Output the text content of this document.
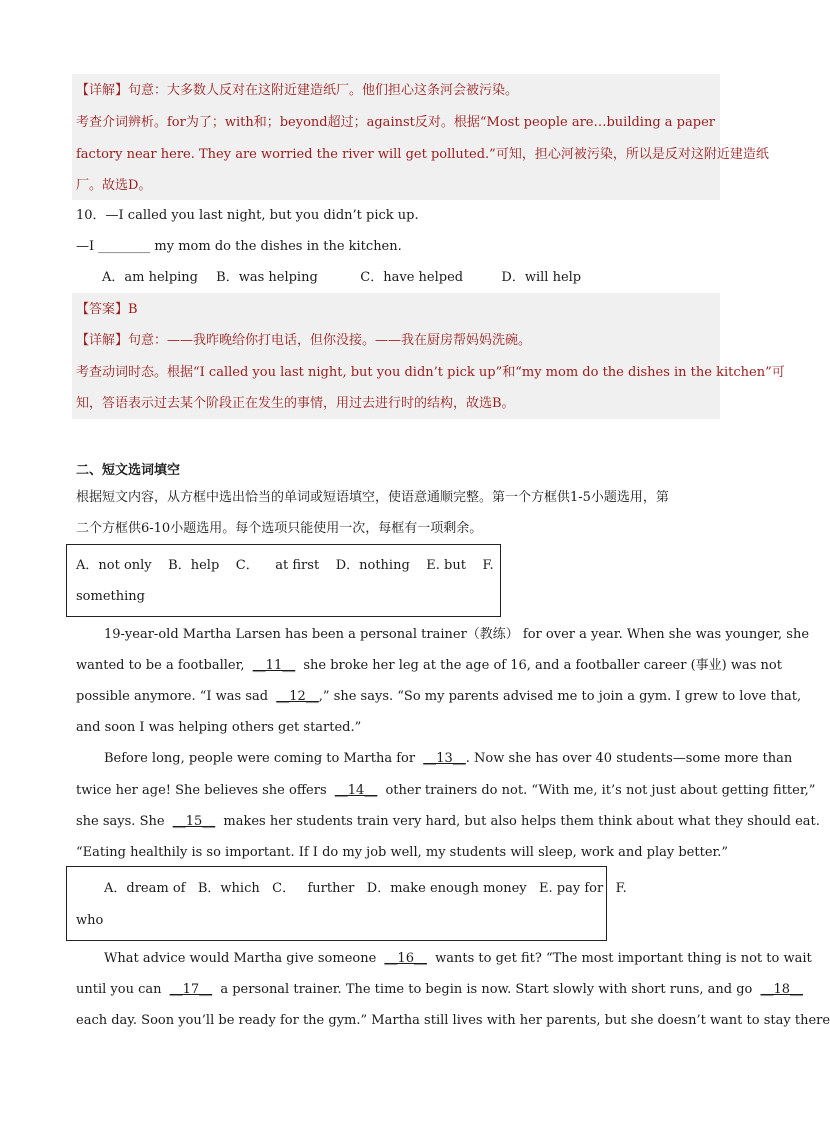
【详解】句意：大多数人反对在这附近建造纸厂。他们担心这条河会被污染。
考查介词辨析。for为了；with和；beyond超过；against反对。根据“Most people are…building a paper
factory near here. They are worried the river will get polluted.”可知，担心河被污染，所以是反对这附近建造纸
厂。故选D。
10．—I called you last night, but you didn’t pick up.
—I ________ my mom do the dishes in the kitchen.
A．am helping B．was helping	C．have helped	D．will help
【答案】B
【详解】句意：——我昨晚给你打电话，但你没接。——我在厨房帮妈妈洗碗。
考查动词时态。根据“I called you last night, but you didn’t pick up”和“my mom do the dishes in the kitchen”可
知，答语表示过去某个阶段正在发生的事情，用过去进行时的结构，故选B。
二、短文选词填空
根据短文内容，从方框中选出恰当的单词或短语填空，使语意通顺完整。第一个方框供1-5小题选用，第
二个方框供6-10小题选用。每个选项只能使用一次，每框有一项剩余。
A．not only    B．help    C．    at first    D．nothing    E. but    F.
something
19-year-old Martha Larsen has been a personal trainer（教练） for over a year. When she was younger, she
wanted to be a footballer, __11__ she broke her leg at the age of 16, and a footballer career (事业) was not
possible anymore. “I was sad __12__,” she says. “So my parents advised me to join a gym. I grew to love that,
and soon I was helping others get started.”
Before long, people were coming to Martha for __13__. Now she has over 40 students—some more than
twice her age! She believes she offers __14__ other trainers do not. “With me, it’s not just about getting fitter,”
she says. She __15__ makes her students train very hard, but also helps them think about what they should eat.
“Eating healthily is so important. If I do my job well, my students will sleep, work and play better.”
A．dream of   B．which   C．   further   D．make enough money   E. pay for   F.
who
What advice would Martha give someone __16__ wants to get fit? “The most important thing is not to wait
until you can __17__ a personal trainer. The time to begin is now. Start slowly with short runs, and go __18__
each day. Soon you’ll be ready for the gym.” Martha still lives with her parents, but she doesn’t want to stay there
